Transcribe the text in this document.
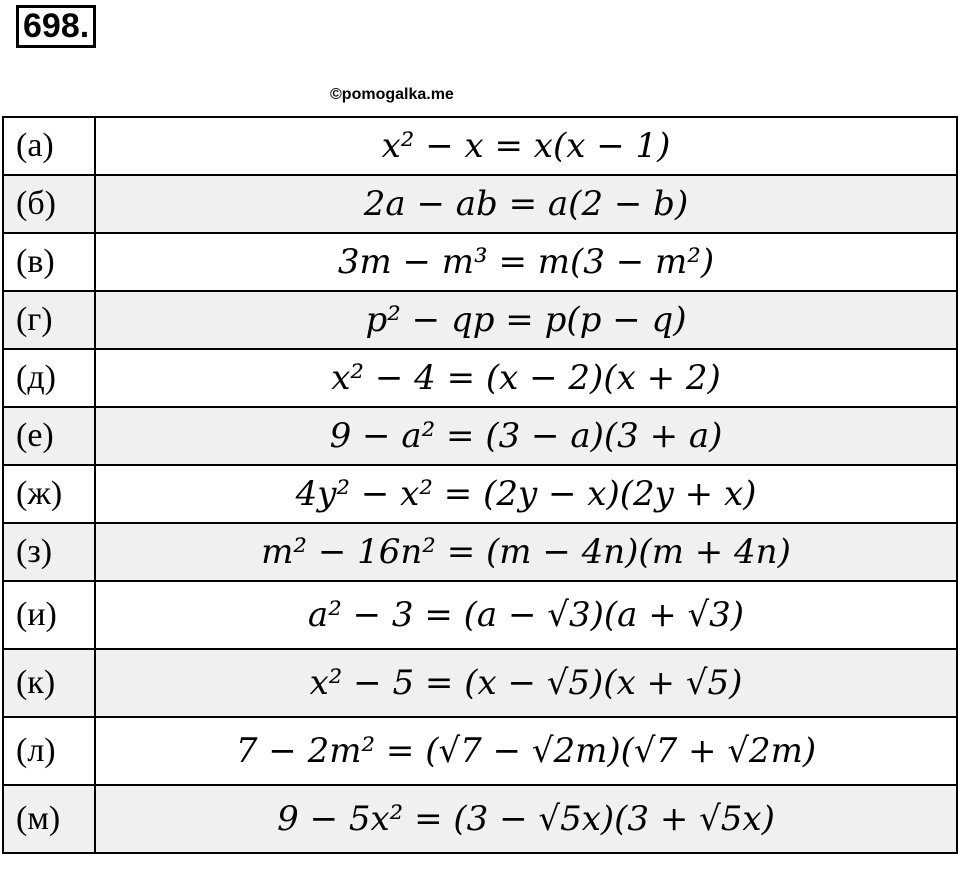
698.
©pomogalka.me
(а)	x² − x = x(x − 1)
(б)	2a − ab = a(2 − b)
(в)	3m − m³ = m(3 − m²)
(г)	p² − qp = p(p − q)
(д)	x² − 4 = (x − 2)(x + 2)
(е)	9 − a² = (3 − a)(3 + a)
(ж)	4y² − x² = (2y − x)(2y + x)
(з)	m² − 16n² = (m − 4n)(m + 4n)
(и)	a² − 3 = (a − √3)(a + √3)
(к)	x² − 5 = (x − √5)(x + √5)
(л)	7 − 2m² = (√7 − √2m)(√7 + √2m)
(м)	9 − 5x² = (3 − √5x)(3 + √5x)
